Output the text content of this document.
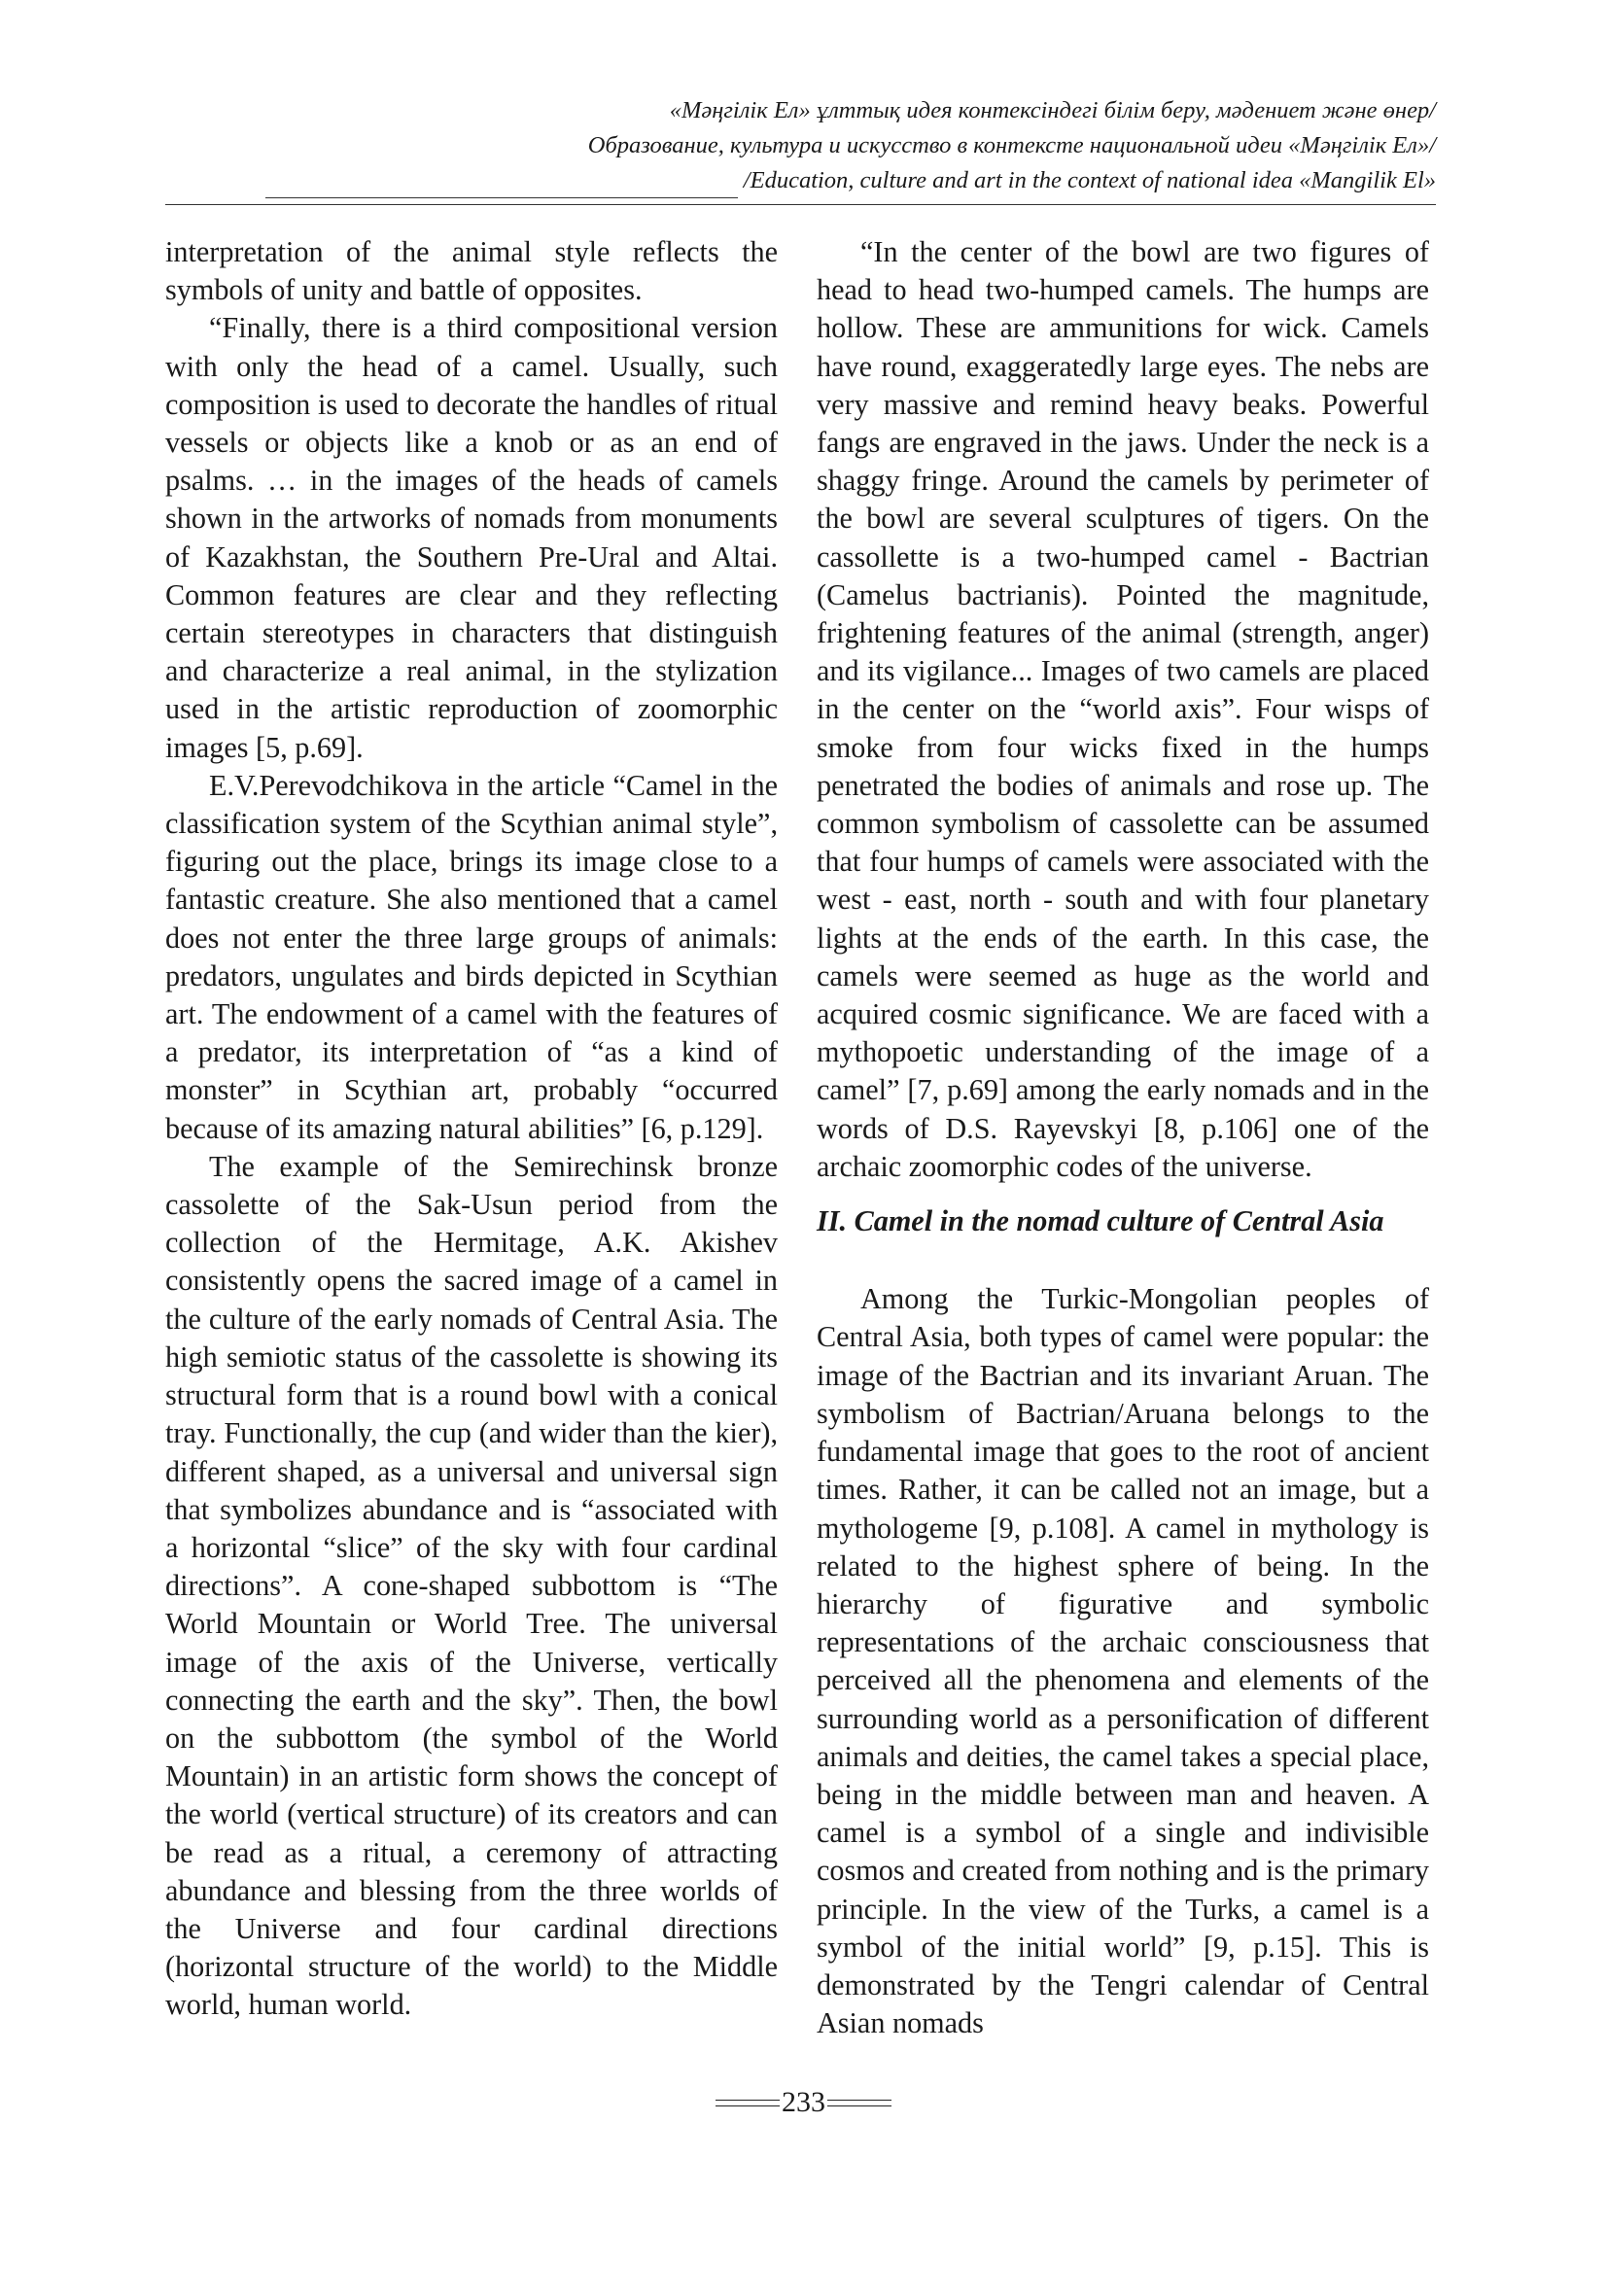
«Мәңгілік Ел» ұлттық идея контексіндегі білім беру, мәдениет және өнер/
Образование, культура и искусство в контексте национальной идеи «Мәңгілік Ел»/
/Education, culture and art in the context of national idea «Mangilik El»

interpretation of the animal style reflects the symbols of unity and battle of opposites.

“Finally, there is a third compositional version with only the head of a camel. Usually, such composition is used to decorate the handles of ritual vessels or objects like a knob or as an end of psalms. … in the images of the heads of camels shown in the artworks of nomads from monuments of Kazakhstan, the Southern Pre-Ural and Altai. Common features are clear and they reflecting certain stereotypes in characters that distinguish and characterize a real animal, in the stylization used in the artistic reproduction of zoomorphic images [5, p.69].

E.V.Perevodchikova in the article “Camel in the classification system of the Scythian animal style”, figuring out the place, brings its image close to a fantastic creature. She also mentioned that a camel does not enter the three large groups of animals: predators, ungulates and birds depicted in Scythian art. The endowment of a camel with the features of a predator, its interpretation of “as a kind of monster” in Scythian art, probably “occurred because of its amazing natural abilities” [6, p.129].

The example of the Semirechinsk bronze cassolette of the Sak-Usun period from the collection of the Hermitage, A.K. Akishev consistently opens the sacred image of a camel in the culture of the early nomads of Central Asia. The high semiotic status of the cassolette is showing its structural form that is a round bowl with a conical tray. Functionally, the cup (and wider than the kier), different shaped, as a universal and universal sign that symbolizes abundance and is “associated with a horizontal “slice” of the sky with four cardinal directions”. A cone-shaped subbottom is “The World Mountain or World Tree. The universal image of the axis of the Universe, vertically connecting the earth and the sky”. Then, the bowl on the subbottom (the symbol of the World Mountain) in an artistic form shows the concept of the world (vertical structure) of its creators and can be read as a ritual, a ceremony of attracting abundance and blessing from the three worlds of the Universe and four cardinal directions (horizontal structure of the world) to the Middle world, human world.

“In the center of the bowl are two figures of head to head two-humped camels. The humps are hollow. These are ammunitions for wick. Camels have round, exaggeratedly large eyes. The nebs are very massive and remind heavy beaks. Powerful fangs are engraved in the jaws. Under the neck is a shaggy fringe. Around the camels by perimeter of the bowl are several sculptures of tigers. On the cassollette is a two-humped camel - Bactrian (Camelus bactrianis). Pointed the magnitude, frightening features of the animal (strength, anger) and its vigilance... Images of two camels are placed in the center on the “world axis”. Four wisps of smoke from four wicks fixed in the humps penetrated the bodies of animals and rose up. The common symbolism of cassolette can be assumed that four humps of camels were associated with the west - east, north - south and with four planetary lights at the ends of the earth. In this case, the camels were seemed as huge as the world and acquired cosmic significance. We are faced with a mythopoetic understanding of the image of a camel” [7, p.69] among the early nomads and in the words of D.S. Rayevskyi [8, p.106] one of the archaic zoomorphic codes of the universe.

II. Camel in the nomad culture of Central Asia

Among the Turkic-Mongolian peoples of Central Asia, both types of camel were popular: the image of the Bactrian and its invariant Aruan. The symbolism of Bactrian/Aruana belongs to the fundamental image that goes to the root of ancient times. Rather, it can be called not an image, but a mythologeme [9, p.108]. A camel in mythology is related to the highest sphere of being. In the hierarchy of figurative and symbolic representations of the archaic consciousness that perceived all the phenomena and elements of the surrounding world as a personification of different animals and deities, the camel takes a special place, being in the middle between man and heaven. A camel is a symbol of a single and indivisible cosmos and created from nothing and is the primary principle. In the view of the Turks, a camel is a symbol of the initial world” [9, p.15]. This is demonstrated by the Tengri calendar of Central Asian nomads

233
